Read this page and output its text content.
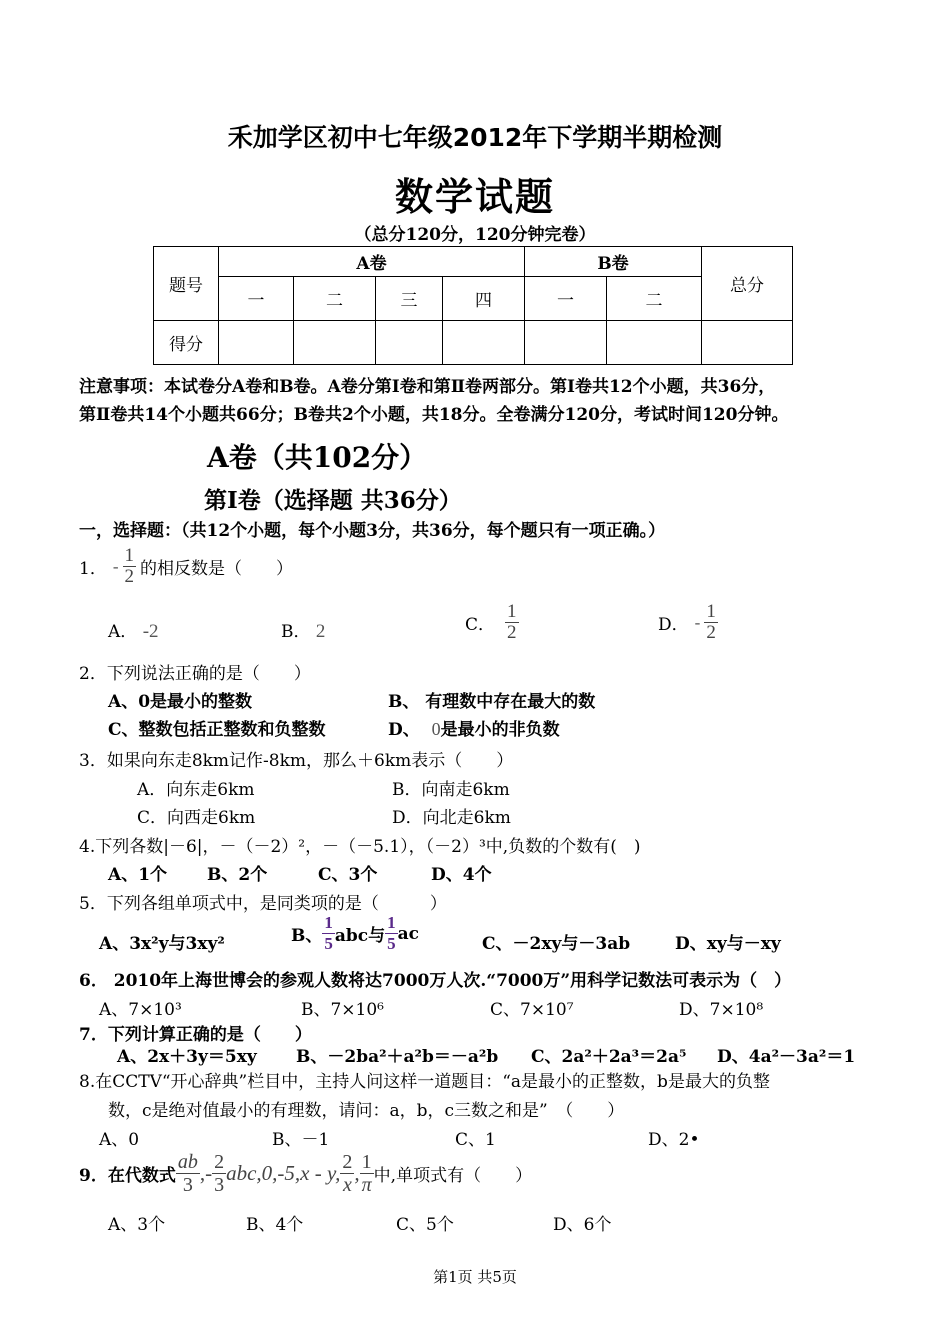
禾加学区初中七年级2012年下学期半期检测
数学试题
（总分120分，120分钟完卷）
题号	A卷				B卷		总分
	一	二	三	四	一	二	
得分							
注意事项：本试卷分A卷和B卷。A卷分第Ⅰ卷和第Ⅱ卷两部分。第Ⅰ卷共12个小题，共36分，
第Ⅱ卷共14个小题共66分；B卷共2个小题，共18分。全卷满分120分，考试时间120分钟。
A卷（共102分）
第Ⅰ卷（选择题 共36分）
一，选择题：（共12个小题，每个小题3分，共36分，每个题只有一项正确。）
1． - $\frac{1}{2}$ 的相反数是（　　）
A． -2	B． 2	C． $\frac{1}{2}$	D． - $\frac{1}{2}$
2．下列说法正确的是（　　）
A、0是最小的整数	B、 有理数中存在最大的数
C、整数包括正整数和负整数	D、 0是最小的非负数
3．如果向东走8km记作-8km，那么＋6km表示（　　）
A．向东走6km	B．向南走6km
C．向西走6km	D．向北走6km
4.下列各数|－6|，－（－2）²，－（－5.1），（－2）³中,负数的个数有(　)
A、1个 B、2个	C、3个	D、4个
5．下列各组单项式中，是同类项的是（　　　）
A、3x²y与3xy²	B、 $\frac{1}{5}$ abc与 $\frac{1}{5}$ ac
C、－2xy与－3ab	D、xy与－xy
6． 2010年上海世博会的参观人数将达7000万人次.“7000万”用科学记数法可表示为（　）
A、7×10³	B、7×10⁶	C、7×10⁷	D、7×10⁸
7．下列计算正确的是（　　）
A、2x＋3y＝5xy B、－2ba²＋a²b＝－a²b C、2a²＋2a³＝2a⁵ D、4a²－3a²＝1
8.在CCTV“开心辞典”栏目中，主持人问这样一道题目：“a是最小的正整数，b是最大的负整
数，c是绝对值最小的有理数，请问：a，b，c三数之和是”　（　　）
A、0	B、－1	C、1	D、2•
9．在代数式 $\frac{ab}{3}$ ,- $\frac{2}{3} abc,0,-5,x$ - y, $\frac{2}{x}$ , $\frac{1}{\pi}$ 中,单项式有（　　）
A、3个	B、4个	C、5个	D、6个
第1页 共5页
